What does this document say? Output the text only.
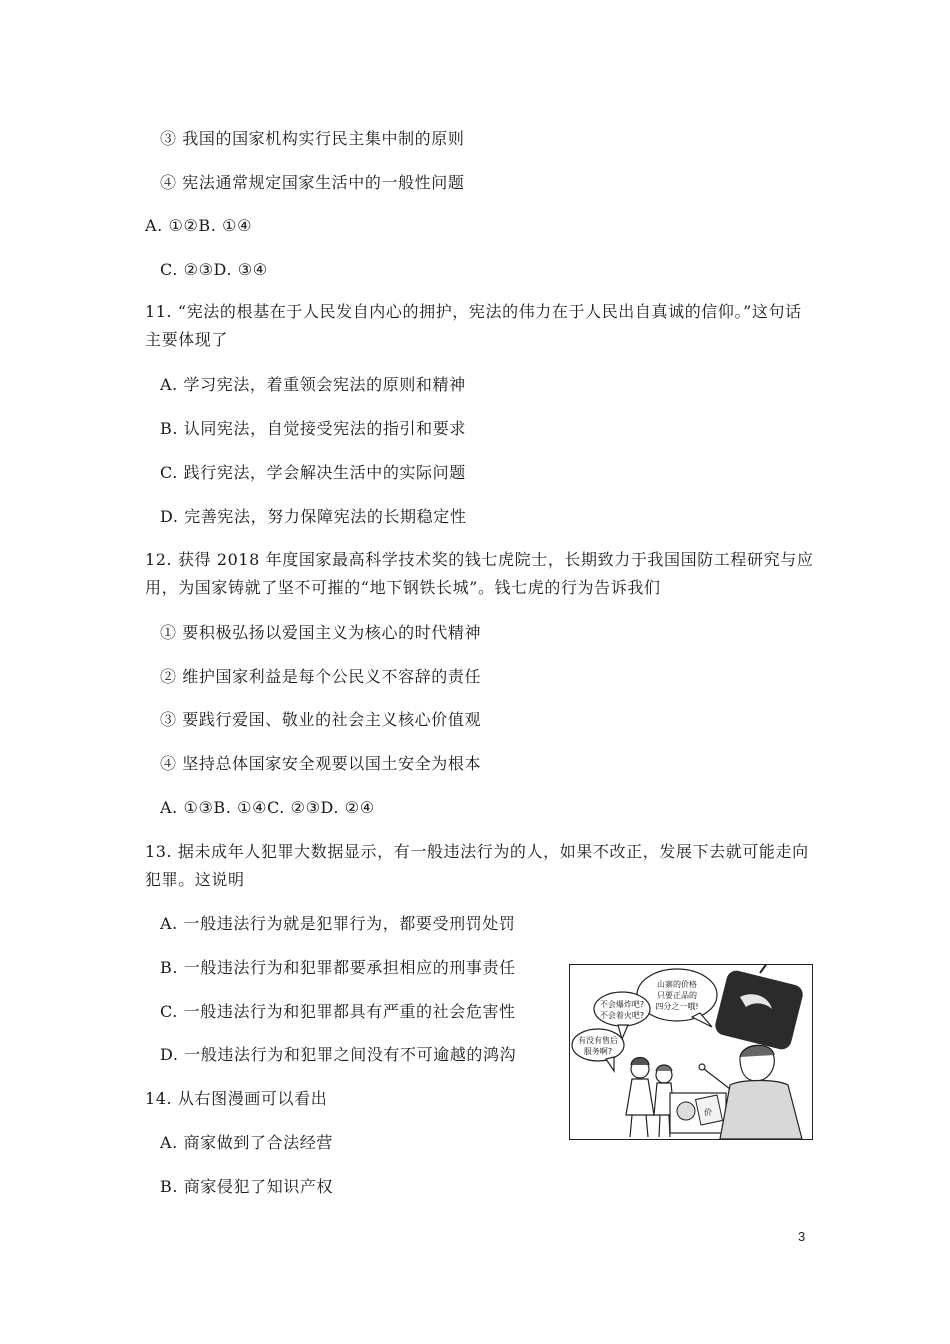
③ 我国的国家机构实行民主集中制的原则
④ 宪法通常规定国家生活中的一般性问题
A. ①②B. ①④
C. ②③D. ③④
11. “宪法的根基在于人民发自内心的拥护，宪法的伟力在于人民出自真诚的信仰。”这句话主要体现了
A. 学习宪法，着重领会宪法的原则和精神
B. 认同宪法，自觉接受宪法的指引和要求
C. 践行宪法，学会解决生活中的实际问题
D. 完善宪法，努力保障宪法的长期稳定性
12. 获得 2018 年度国家最高科学技术奖的钱七虎院士，长期致力于我国国防工程研究与应用，为国家铸就了坚不可摧的“地下钢铁长城”。钱七虎的行为告诉我们
① 要积极弘扬以爱国主义为核心的时代精神
② 维护国家利益是每个公民义不容辞的责任
③ 要践行爱国、敬业的社会主义核心价值观
④ 坚持总体国家安全观要以国土安全为根本
A. ①③B. ①④C. ②③D. ②④
13. 据未成年人犯罪大数据显示，有一般违法行为的人，如果不改正，发展下去就可能走向犯罪。这说明
A. 一般违法行为就是犯罪行为，都要受刑罚处罚
B. 一般违法行为和犯罪都要承担相应的刑事责任
C. 一般违法行为和犯罪都具有严重的社会危害性
D. 一般违法行为和犯罪之间没有不可逾越的鸿沟
14. 从右图漫画可以看出
A. 商家做到了合法经营
B. 商家侵犯了知识产权
山寨的价格
只要正品的
四分之一哦!
不会爆炸吧?
不会着火吧?
有没有售后
服务啊?
价
3
